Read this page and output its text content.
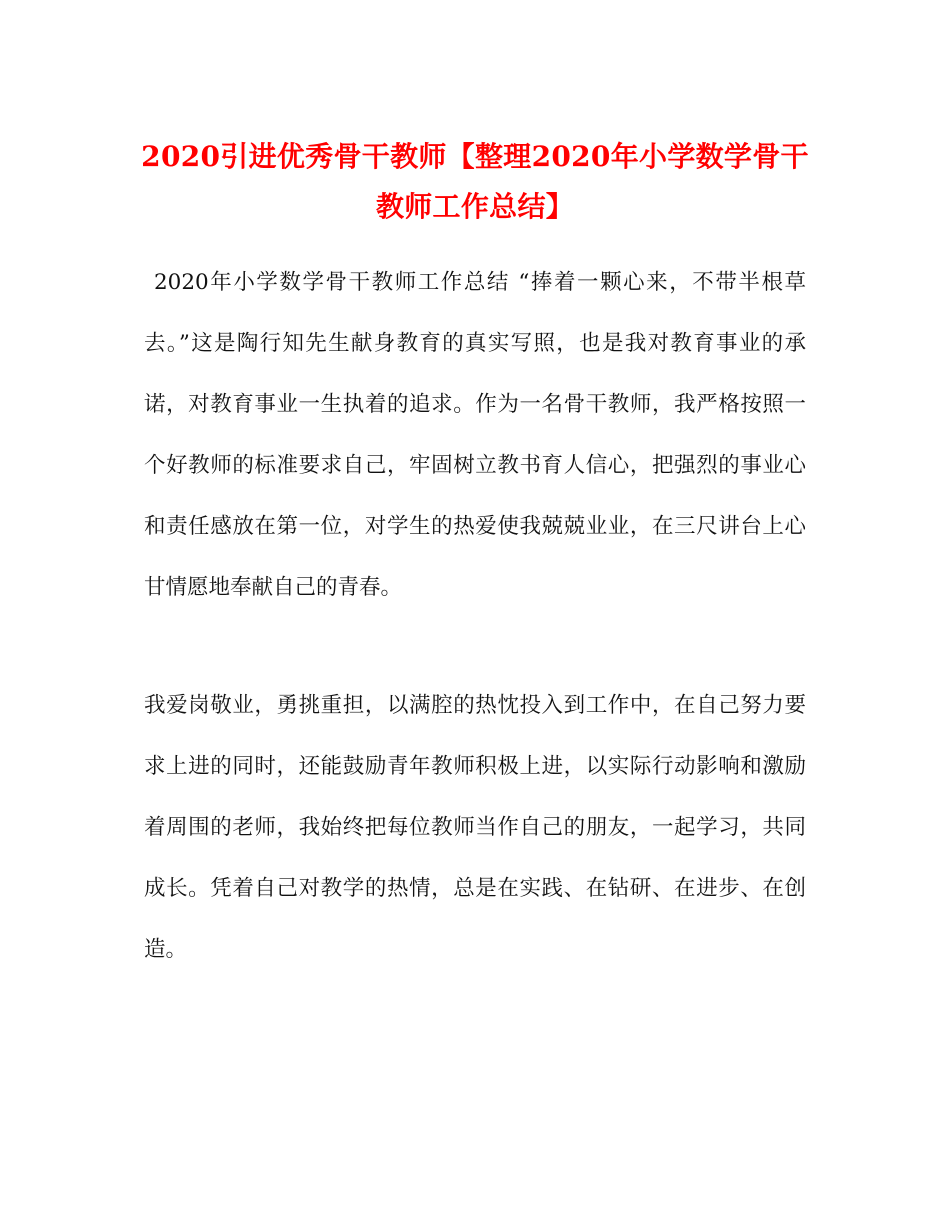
2020引进优秀骨干教师【整理2020年小学数学骨干教师工作总结】

2020年小学数学骨干教师工作总结 “捧着一颗心来，不带半根草去。”这是陶行知先生献身教育的真实写照，也是我对教育事业的承诺，对教育事业一生执着的追求。作为一名骨干教师，我严格按照一个好教师的标准要求自己，牢固树立教书育人信心，把强烈的事业心和责任感放在第一位，对学生的热爱使我兢兢业业，在三尺讲台上心甘情愿地奉献自己的青春。

我爱岗敬业，勇挑重担，以满腔的热忱投入到工作中，在自己努力要求上进的同时，还能鼓励青年教师积极上进，以实际行动影响和激励着周围的老师，我始终把每位教师当作自己的朋友，一起学习，共同成长。凭着自己对教学的热情，总是在实践、在钻研、在进步、在创造。
